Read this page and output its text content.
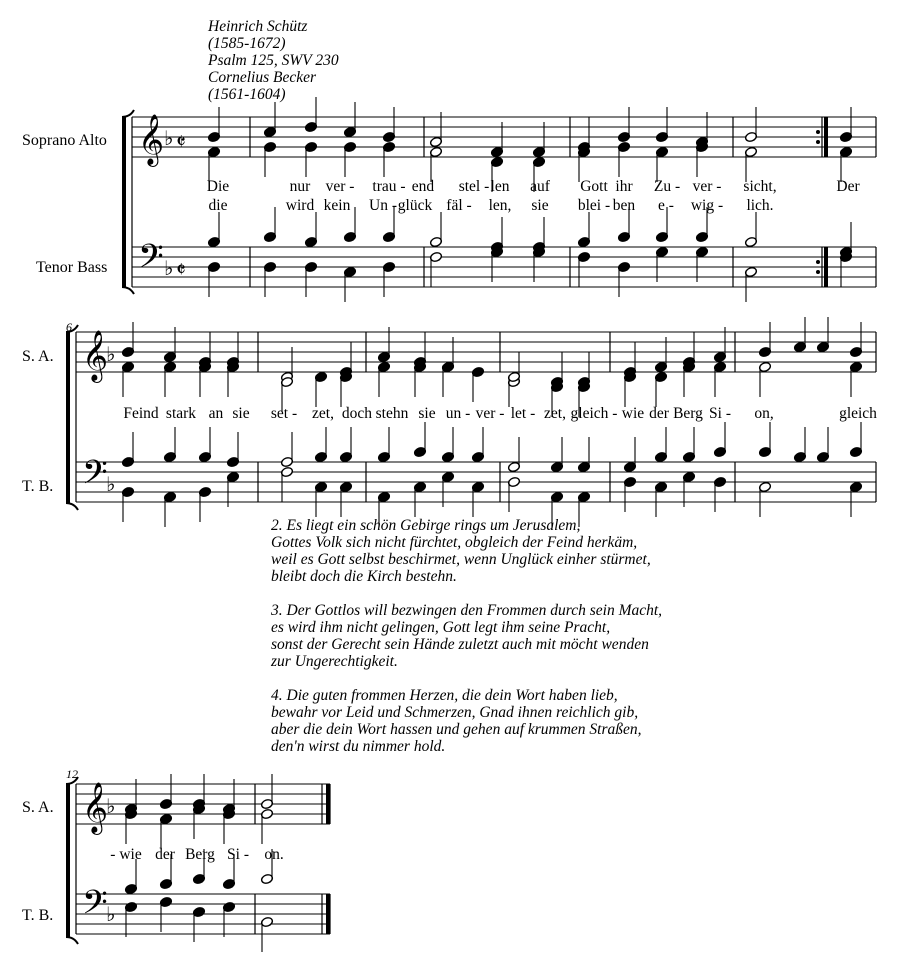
Heinrich Schütz
(1585-1672)
Psalm 125, SWV 230
Cornelius Becker
(1561-1604)
Soprano Alto
Tenor Bass
S. A.
T. B.
S. A.
T. B.
6
12
𝄞
𝄞
𝄞
𝄢
𝄢
𝄢
♭
♭
♭
♭
♭
♭
𝄵
𝄵
Die	nur ver - trau - end stel - len auf Gott ihr Zu - ver - sicht,	Der
die	wird kein Un - glück fäl - len, sie blei - ben e - wig - lich.
Feind stark an sie set - zet, doch stehn sie un - ver - let - zet, gleich - wie der Berg Si - on,	gleich
- wie der Berg Si - on.
2. Es liegt ein schön Gebirge rings um Jerusalem,
Gottes Volk sich nicht fürchtet, obgleich der Feind herkäm,
weil es Gott selbst beschirmet, wenn Unglück einher stürmet,
bleibt doch die Kirch bestehn.
3. Der Gottlos will bezwingen den Frommen durch sein Macht,
es wird ihm nicht gelingen, Gott legt ihm seine Pracht,
sonst der Gerecht sein Hände zuletzt auch mit möcht wenden
zur Ungerechtigkeit.
4. Die guten frommen Herzen, die dein Wort haben lieb,
bewahr vor Leid und Schmerzen, Gnad ihnen reichlich gib,
aber die dein Wort hassen und gehen auf krummen Straßen,
den'n wirst du nimmer hold.
